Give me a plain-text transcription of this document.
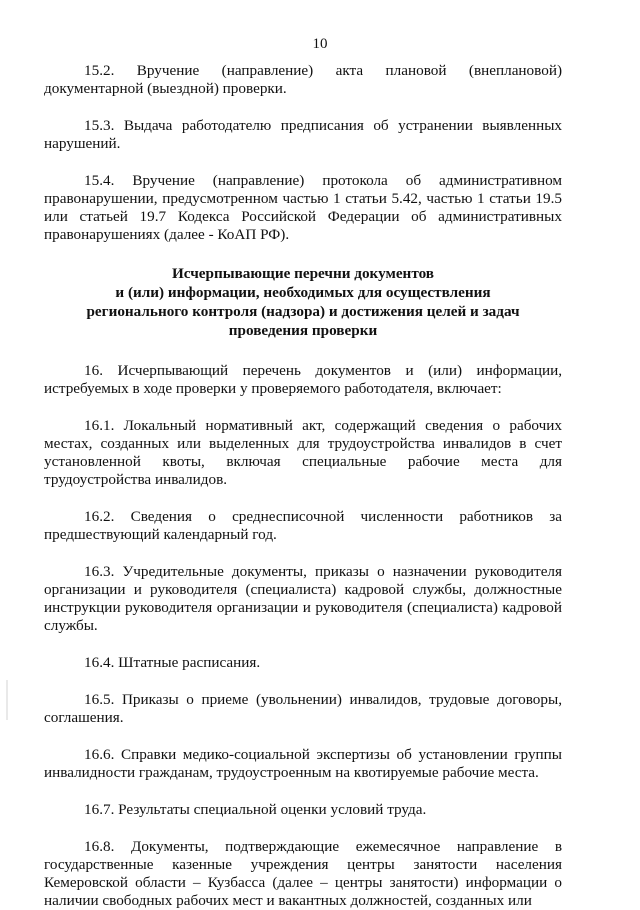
10

15.2. Вручение (направление) акта плановой (внеплановой) документарной (выездной) проверки.

15.3. Выдача работодателю предписания об устранении выявленных нарушений.

15.4. Вручение (направление) протокола об административном правонарушении, предусмотренном частью 1 статьи 5.42, частью 1 статьи 19.5 или статьей 19.7 Кодекса Российской Федерации об административных правонарушениях (далее - КоАП РФ).

Исчерпывающие перечни документов
и (или) информации, необходимых для осуществления
регионального контроля (надзора) и достижения целей и задач
проведения проверки

16. Исчерпывающий перечень документов и (или) информации, истребуемых в ходе проверки у проверяемого работодателя, включает:

16.1. Локальный нормативный акт, содержащий сведения о рабочих местах, созданных или выделенных для трудоустройства инвалидов в счет установленной квоты, включая специальные рабочие места для трудоустройства инвалидов.

16.2. Сведения о среднесписочной численности работников за предшествующий календарный год.

16.3. Учредительные документы, приказы о назначении руководителя организации и руководителя (специалиста) кадровой службы, должностные инструкции руководителя организации и руководителя (специалиста) кадровой службы.

16.4. Штатные расписания.

16.5. Приказы о приеме (увольнении) инвалидов, трудовые договоры, соглашения.

16.6. Справки медико-социальной экспертизы об установлении группы инвалидности гражданам, трудоустроенным на квотируемые рабочие места.

16.7. Результаты специальной оценки условий труда.

16.8. Документы, подтверждающие ежемесячное направление в государственные казенные учреждения центры занятости населения Кемеровской области – Кузбасса (далее – центры занятости) информации о наличии свободных рабочих мест и вакантных должностей, созданных или
